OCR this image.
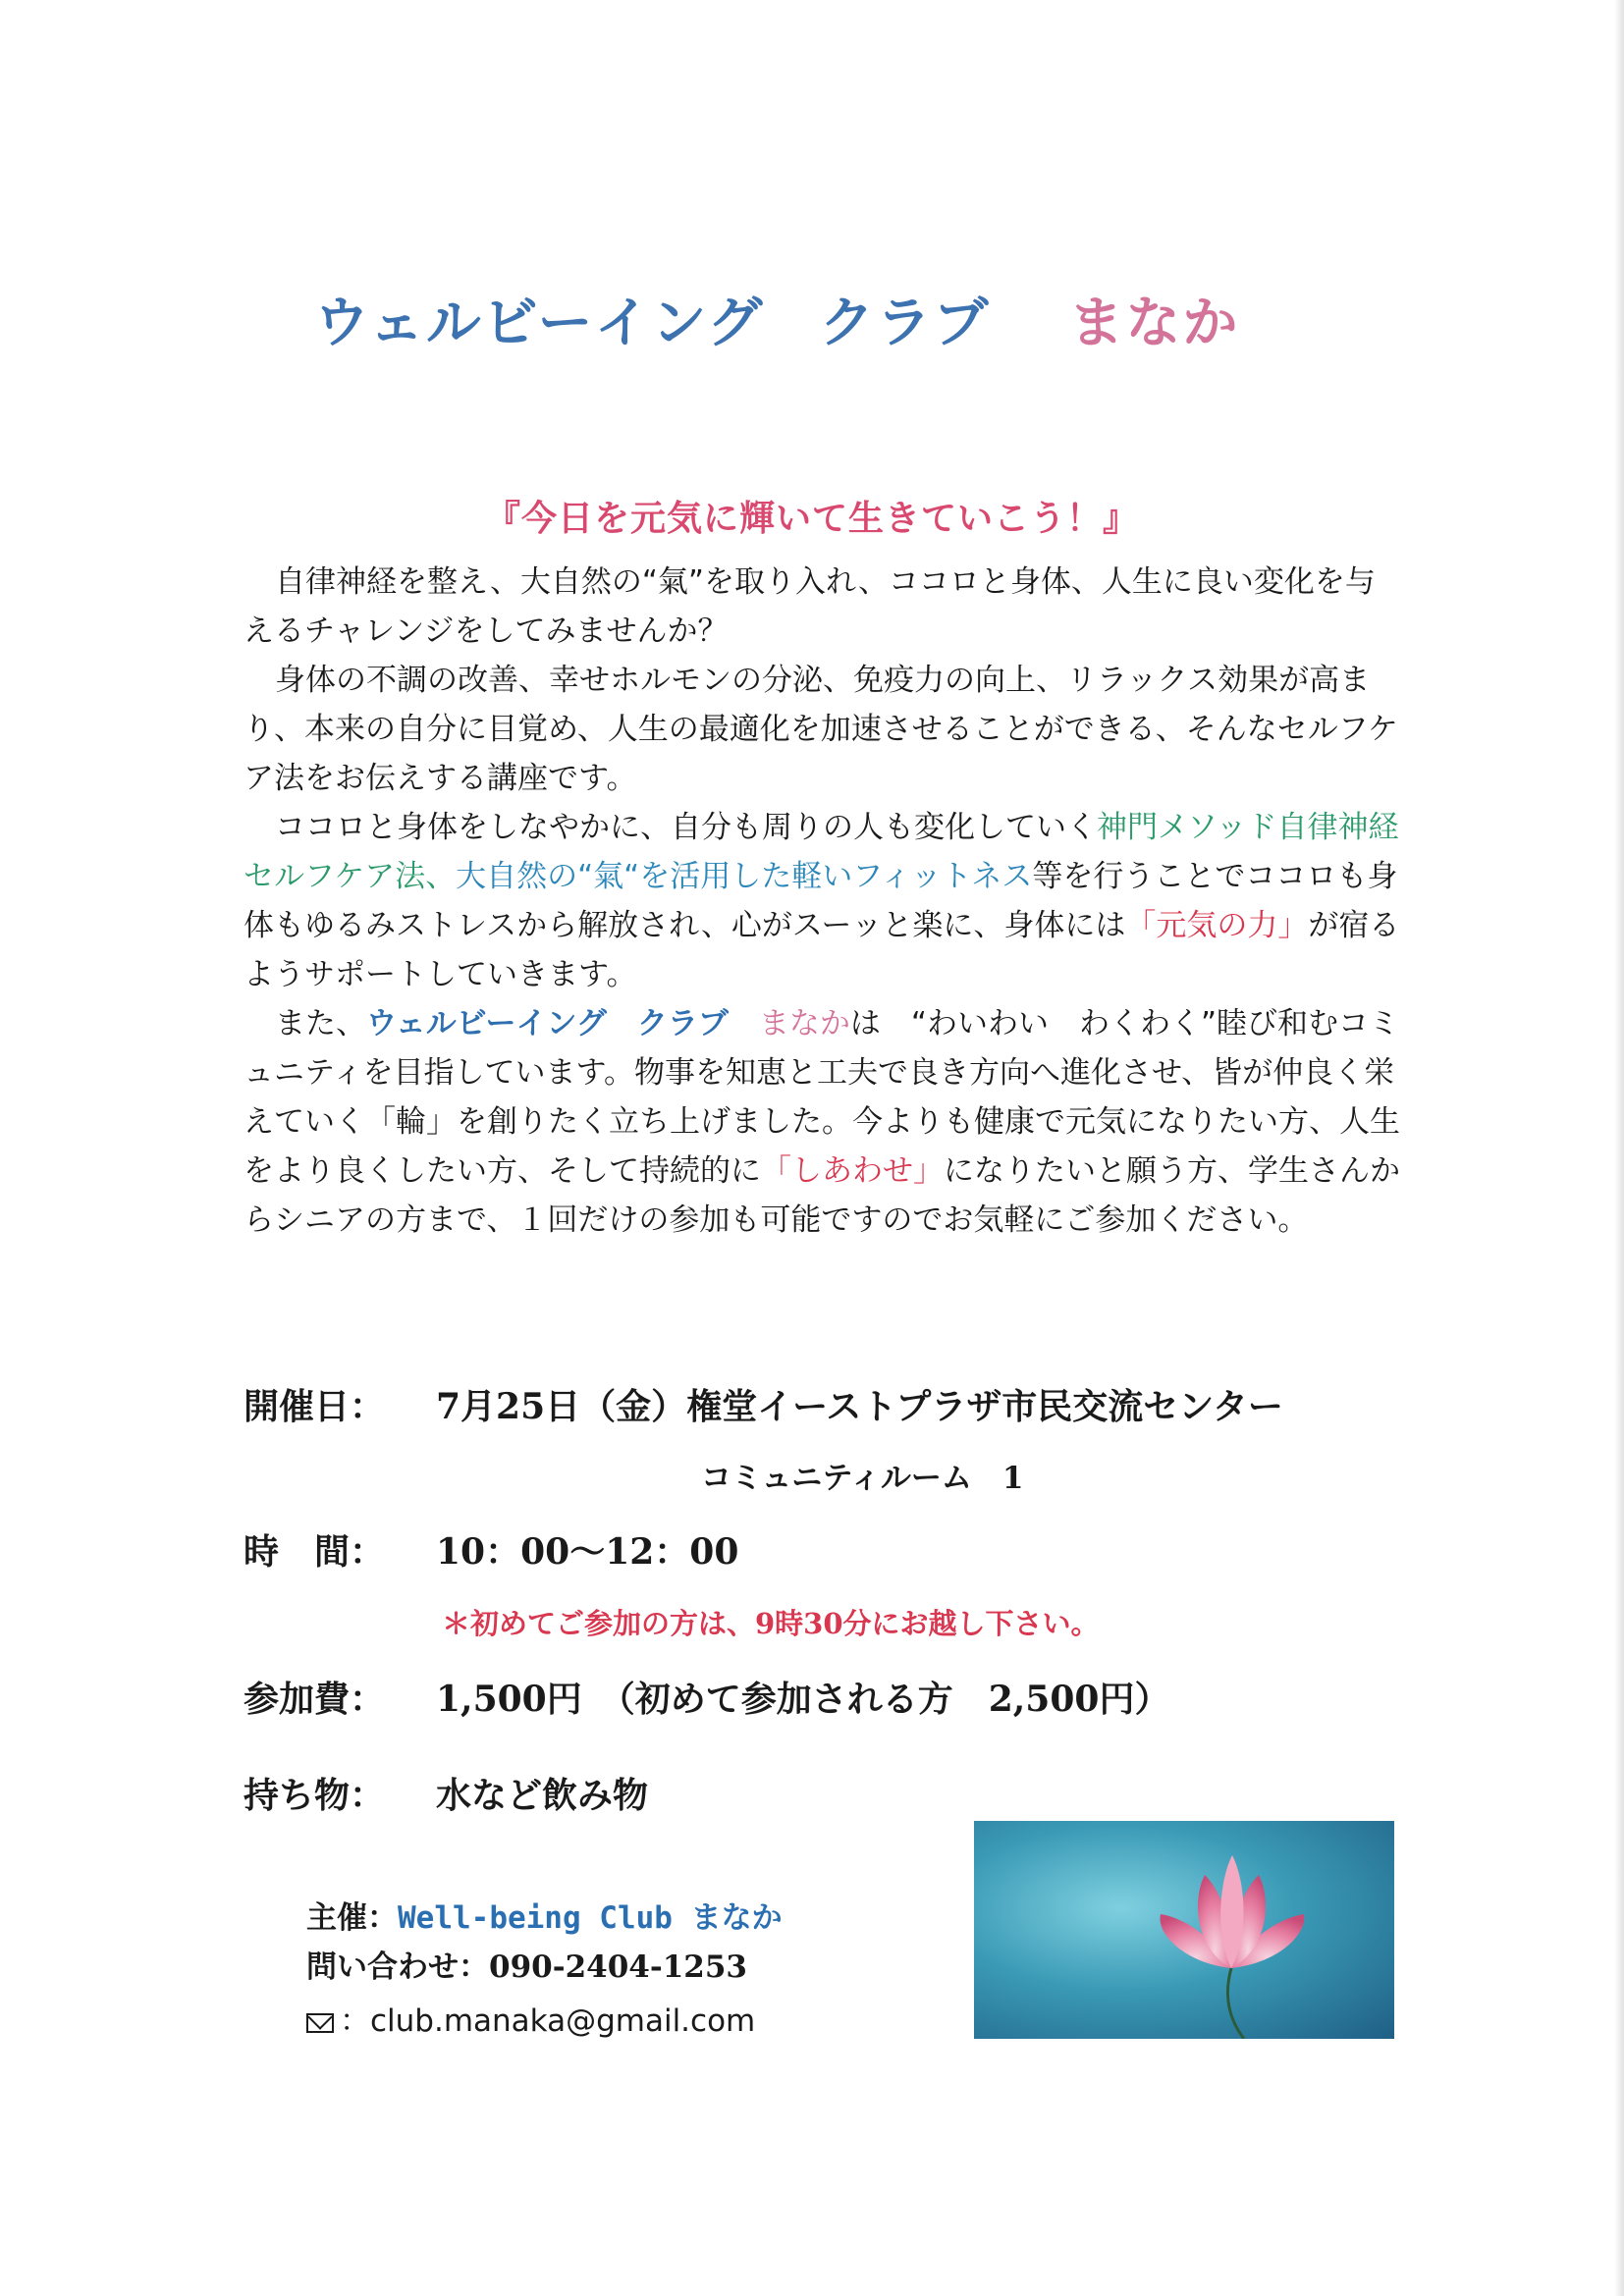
ウェルビーイング クラブ まなか
『今日を元気に輝いて生きていこう！』

自律神経を整え、大自然の“氣”を取り入れ、ココロと身体、人生に良い変化を与えるチャレンジをしてみませんか？

身体の不調の改善、幸せホルモンの分泌、免疫力の向上、リラックス効果が高まり、本来の自分に目覚め、人生の最適化を加速させることができる、そんなセルフケア法をお伝えする講座です。

ココロと身体をしなやかに、自分も周りの人も変化していく神門メソッド自律神経セルフケア法、大自然の“氣“を活用した軽いフィットネス等を行うことでココロも身体もゆるみストレスから解放され、心がスーッと楽に、身体には「元気の力」が宿るようサポートしていきます。

また、ウェルビーイング　クラブ　 まなかは　“わいわい　わくわく”睦び和むコミュニティを目指しています。物事を知恵と工夫で良き方向へ進化させ、皆が仲良く栄えていく「輪」を創りたく立ち上げました。今よりも健康で元気になりたい方、人生をより良くしたい方、そして持続的に「しあわせ」になりたいと願う方、学生さんからシニアの方まで、１回だけの参加も可能ですのでお気軽にご参加ください。

開催日： 7月25日（金）権堂イーストプラザ市民交流センター
コミュニティルーム　1
時　間： 10：00～12：00
＊初めてご参加の方は、9時30分にお越し下さい。
参加費： 1,500円　（初めて参加される方　2,500円）
持ち物： 水など飲み物
主催：Well-being Club まなか
問い合わせ：090-2404-1253
：club.manaka@gmail.com
